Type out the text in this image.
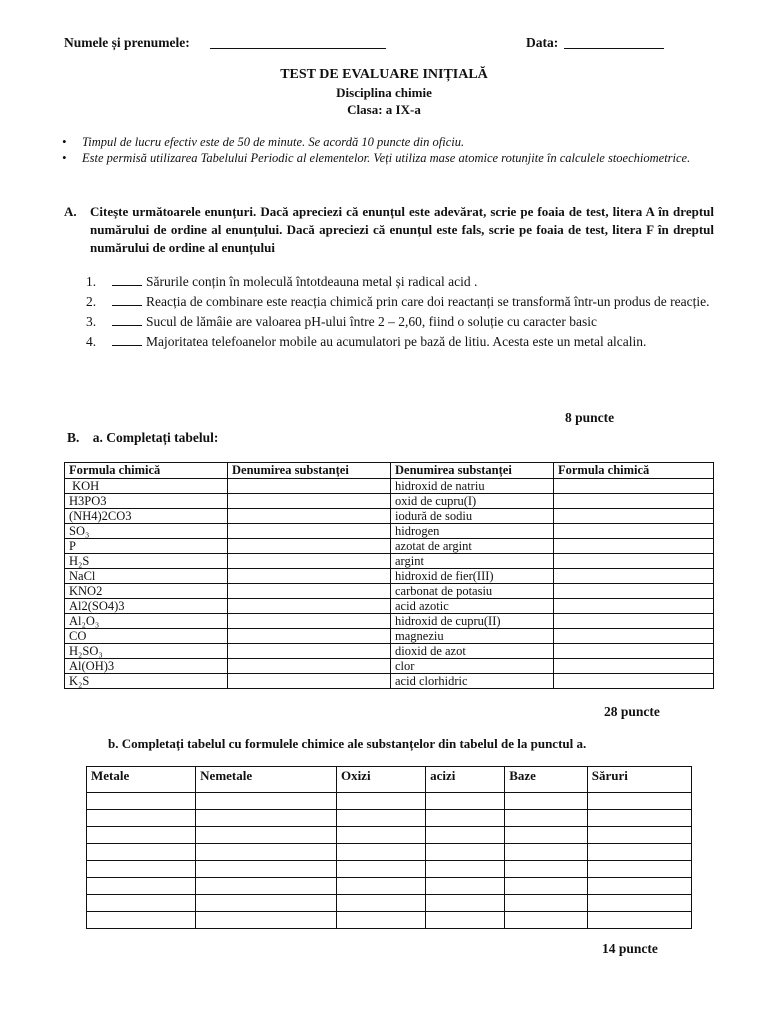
Numele și prenumele:	Data:
TEST DE EVALUARE INIȚIALĂ
Disciplina chimie
Clasa: a IX-a
• Timpul de lucru efectiv este de 50 de minute. Se acordă 10 puncte din oficiu.
• Este permisă utilizarea Tabelului Periodic al elementelor. Veți utiliza mase atomice rotunjite în calculele stoechiometrice.
A. Citește următoarele enunțuri. Dacă apreciezi că enunțul este adevărat, scrie pe foaia de test, litera A în dreptul numărului de ordine al enunțului. Dacă apreciezi că enunțul este fals, scrie pe foaia de test, litera F în dreptul numărului de ordine al enunțului
1.	Sărurile conțin în moleculă întotdeauna metal și radical acid .
2.	Reacția de combinare este reacția chimică prin care doi reactanți se transformă într-un produs de reacție.
3.	Sucul de lămâie are valoarea pH-ului între 2 – 2,60, fiind o soluție cu caracter basic
4.	Majoritatea telefoanelor mobile au acumulatori pe bază de litiu. Acesta este un metal alcalin.
8 puncte
B. a. Completați tabelul:
Formula chimică	Denumirea substanței	Denumirea substanței	Formula chimică
KOH		hidroxid de natriu	
H3PO3		oxid de cupru(I)	
(NH4)2CO3		iodură de sodiu	
SO₃		hidrogen	
P		azotat de argint	
H₂S		argint	
NaCl		hidroxid de fier(III)	
KNO2		carbonat de potasiu	
Al2(SO4)3		acid azotic	
Al₂O₃		hidroxid de cupru(II)	
CO		magneziu	
H₂SO₃		dioxid de azot	
Al(OH)3		clor	
K₂S		acid clorhidric	
28 puncte
b. Completați tabelul cu formulele chimice ale substanțelor din tabelul de la punctul a.
Metale	Nemetale	Oxizi	acizi	Baze	Săruri

14 puncte
